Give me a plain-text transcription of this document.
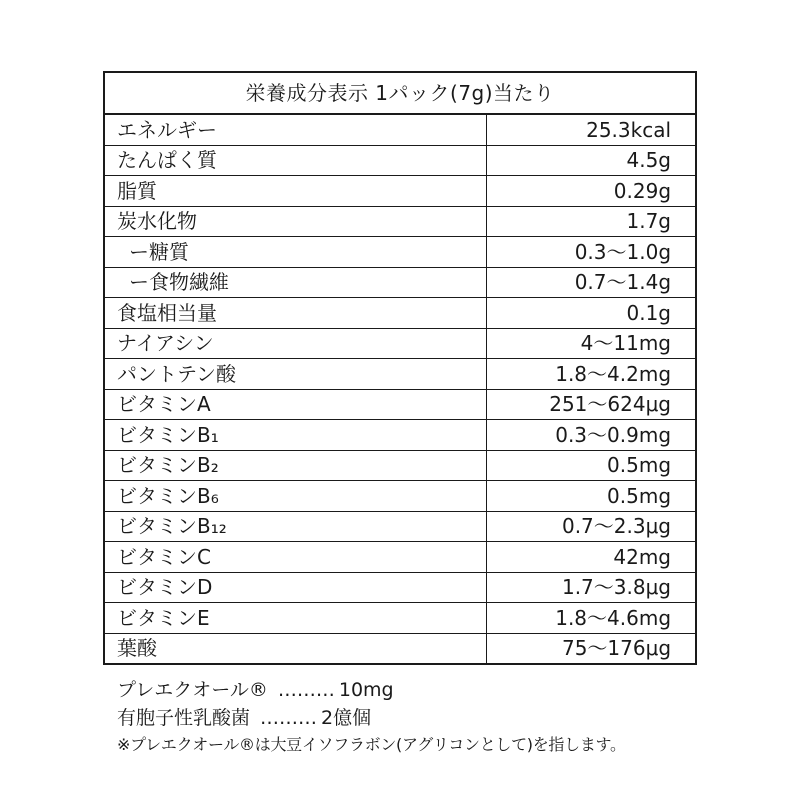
栄養成分表示 1パック(7g)当たり	
エネルギー	25.3kcal
たんぱく質	4.5g
脂質	0.29g
炭水化物	1.7g
ー糖質	0.3〜1.0g
ー食物繊維	0.7〜1.4g
食塩相当量	0.1g
ナイアシン	4〜11mg
パントテン酸	1.8〜4.2mg
ビタミンA	251〜624μg
ビタミンB₁	0.3〜0.9mg
ビタミンB₂	0.5mg
ビタミンB₆	0.5mg
ビタミンB₁₂	0.7〜2.3μg
ビタミンC	42mg
ビタミンD	1.7〜3.8μg
ビタミンE	1.8〜4.6mg
葉酸	75〜176μg
プレエクオール® ……… 10mg
有胞子性乳酸菌 ……… 2億個
※プレエクオール®は大豆イソフラボン(アグリコンとして)を指します。
